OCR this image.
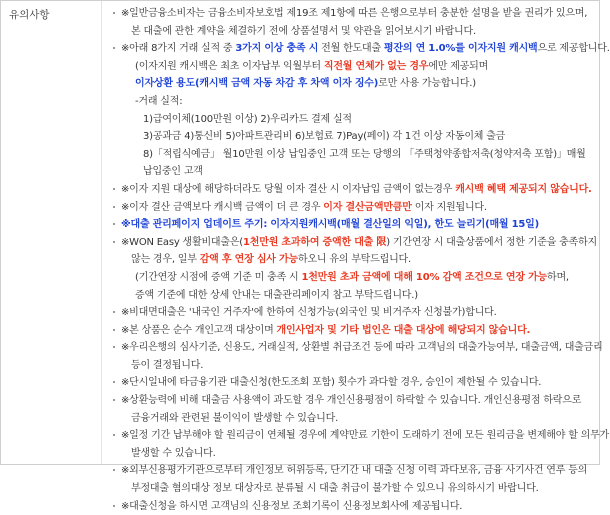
유의사항	※일반금융소비자는 금융소비자보호법 제19조 제1항에 따른 은행으로부터 충분한 설명을 받을 권리가 있으며,
본 대출에 관한 계약을 체결하기 전에 상품설명서 및 약관을 읽어보시기 바랍니다.
※아래 8가지 거래 실적 중 3가지 이상 충족 시 전월 한도대출 평잔의 연 1.0%를 이자지원 캐시백으로 제공합니다.
(이자지원 캐시백은 최초 이자납부 익월부터 직전월 연체가 없는 경우에만 제공되며
이자상환 용도(캐시백 금액 자동 차감 후 차액 이자 징수)로만 사용 가능합니다.)
-거래 실적:
1)급여이체(100만원 이상) 2)우리카드 결제 실적
3)공과금 4)통신비 5)아파트관리비 6)보험료 7)Pay(페이) 각 1건 이상 자동이체 출금
8)「적립식예금」 월10만원 이상 납입중인 고객 또는 당행의 「주택청약종합저축(청약저축 포함)」매월
납입중인 고객
※이자 지원 대상에 해당하더라도 당월 이자 결산 시 이자납입 금액이 없는경우 캐시백 혜택 제공되지 않습니다.
※이자 결산 금액보다 캐시백 금액이 더 큰 경우 이자 결산금액만큼만 이자 지원됩니다.
※대출 관리페이지 업데이트 주기: 이자지원캐시백(매월 결산일의 익일), 한도 늘리기(매월 15일)
※WON Easy 생활비대출은(1천만원 초과하여 증액한 대출 限) 기간연장 시 대출상품에서 정한 기준을 충족하지
않는 경우, 일부 감액 후 연장 심사 가능하오니 유의 부탁드립니다.
(기간연장 시점에 증액 기준 미 충족 시 1천만원 초과 금액에 대해 10% 감액 조건으로 연장 가능하며,
증액 기준에 대한 상세 안내는 대출관리페이지 참고 부탁드립니다.)
※비대면대출은 '내국인 거주자'에 한하여 신청가능(외국인 및 비거주자 신청불가)합니다.
※본 상품은 순수 개인고객 대상이며 개인사업자 및 기타 법인은 대출 대상에 해당되지 않습니다.
※우리은행의 심사기준, 신용도, 거래실적, 상환별 취급조건 등에 따라 고객님의 대출가능여부, 대출금액, 대출금리
등이 결정됩니다.
※단시일내에 타금융기관 대출신청(한도조회 포함) 횟수가 과다할 경우, 승인이 제한될 수 있습니다.
※상환능력에 비해 대출금 사용액이 과도할 경우 개인신용평점이 하락할 수 있습니다. 개인신용평점 하락으로
금융거래와 관련된 불이익이 발생할 수 있습니다.
※일정 기간 납부해야 할 원리금이 연체될 경우에 계약만료 기한이 도래하기 전에 모든 원리금을 변제해야 할 의무가
발생할 수 있습니다.
※외부신용평가기관으로부터 개인정보 허위등록, 단기간 내 대출 신청 이력 과다보유, 금융 사기사건 연루 등의
부정대출 혐의대상 정보 대상자로 분류될 시 대출 취급이 불가할 수 있으니 유의하시기 바랍니다.
※대출신청을 하시면 고객님의 신용정보 조회기록이 신용정보회사에 제공됩니다.
